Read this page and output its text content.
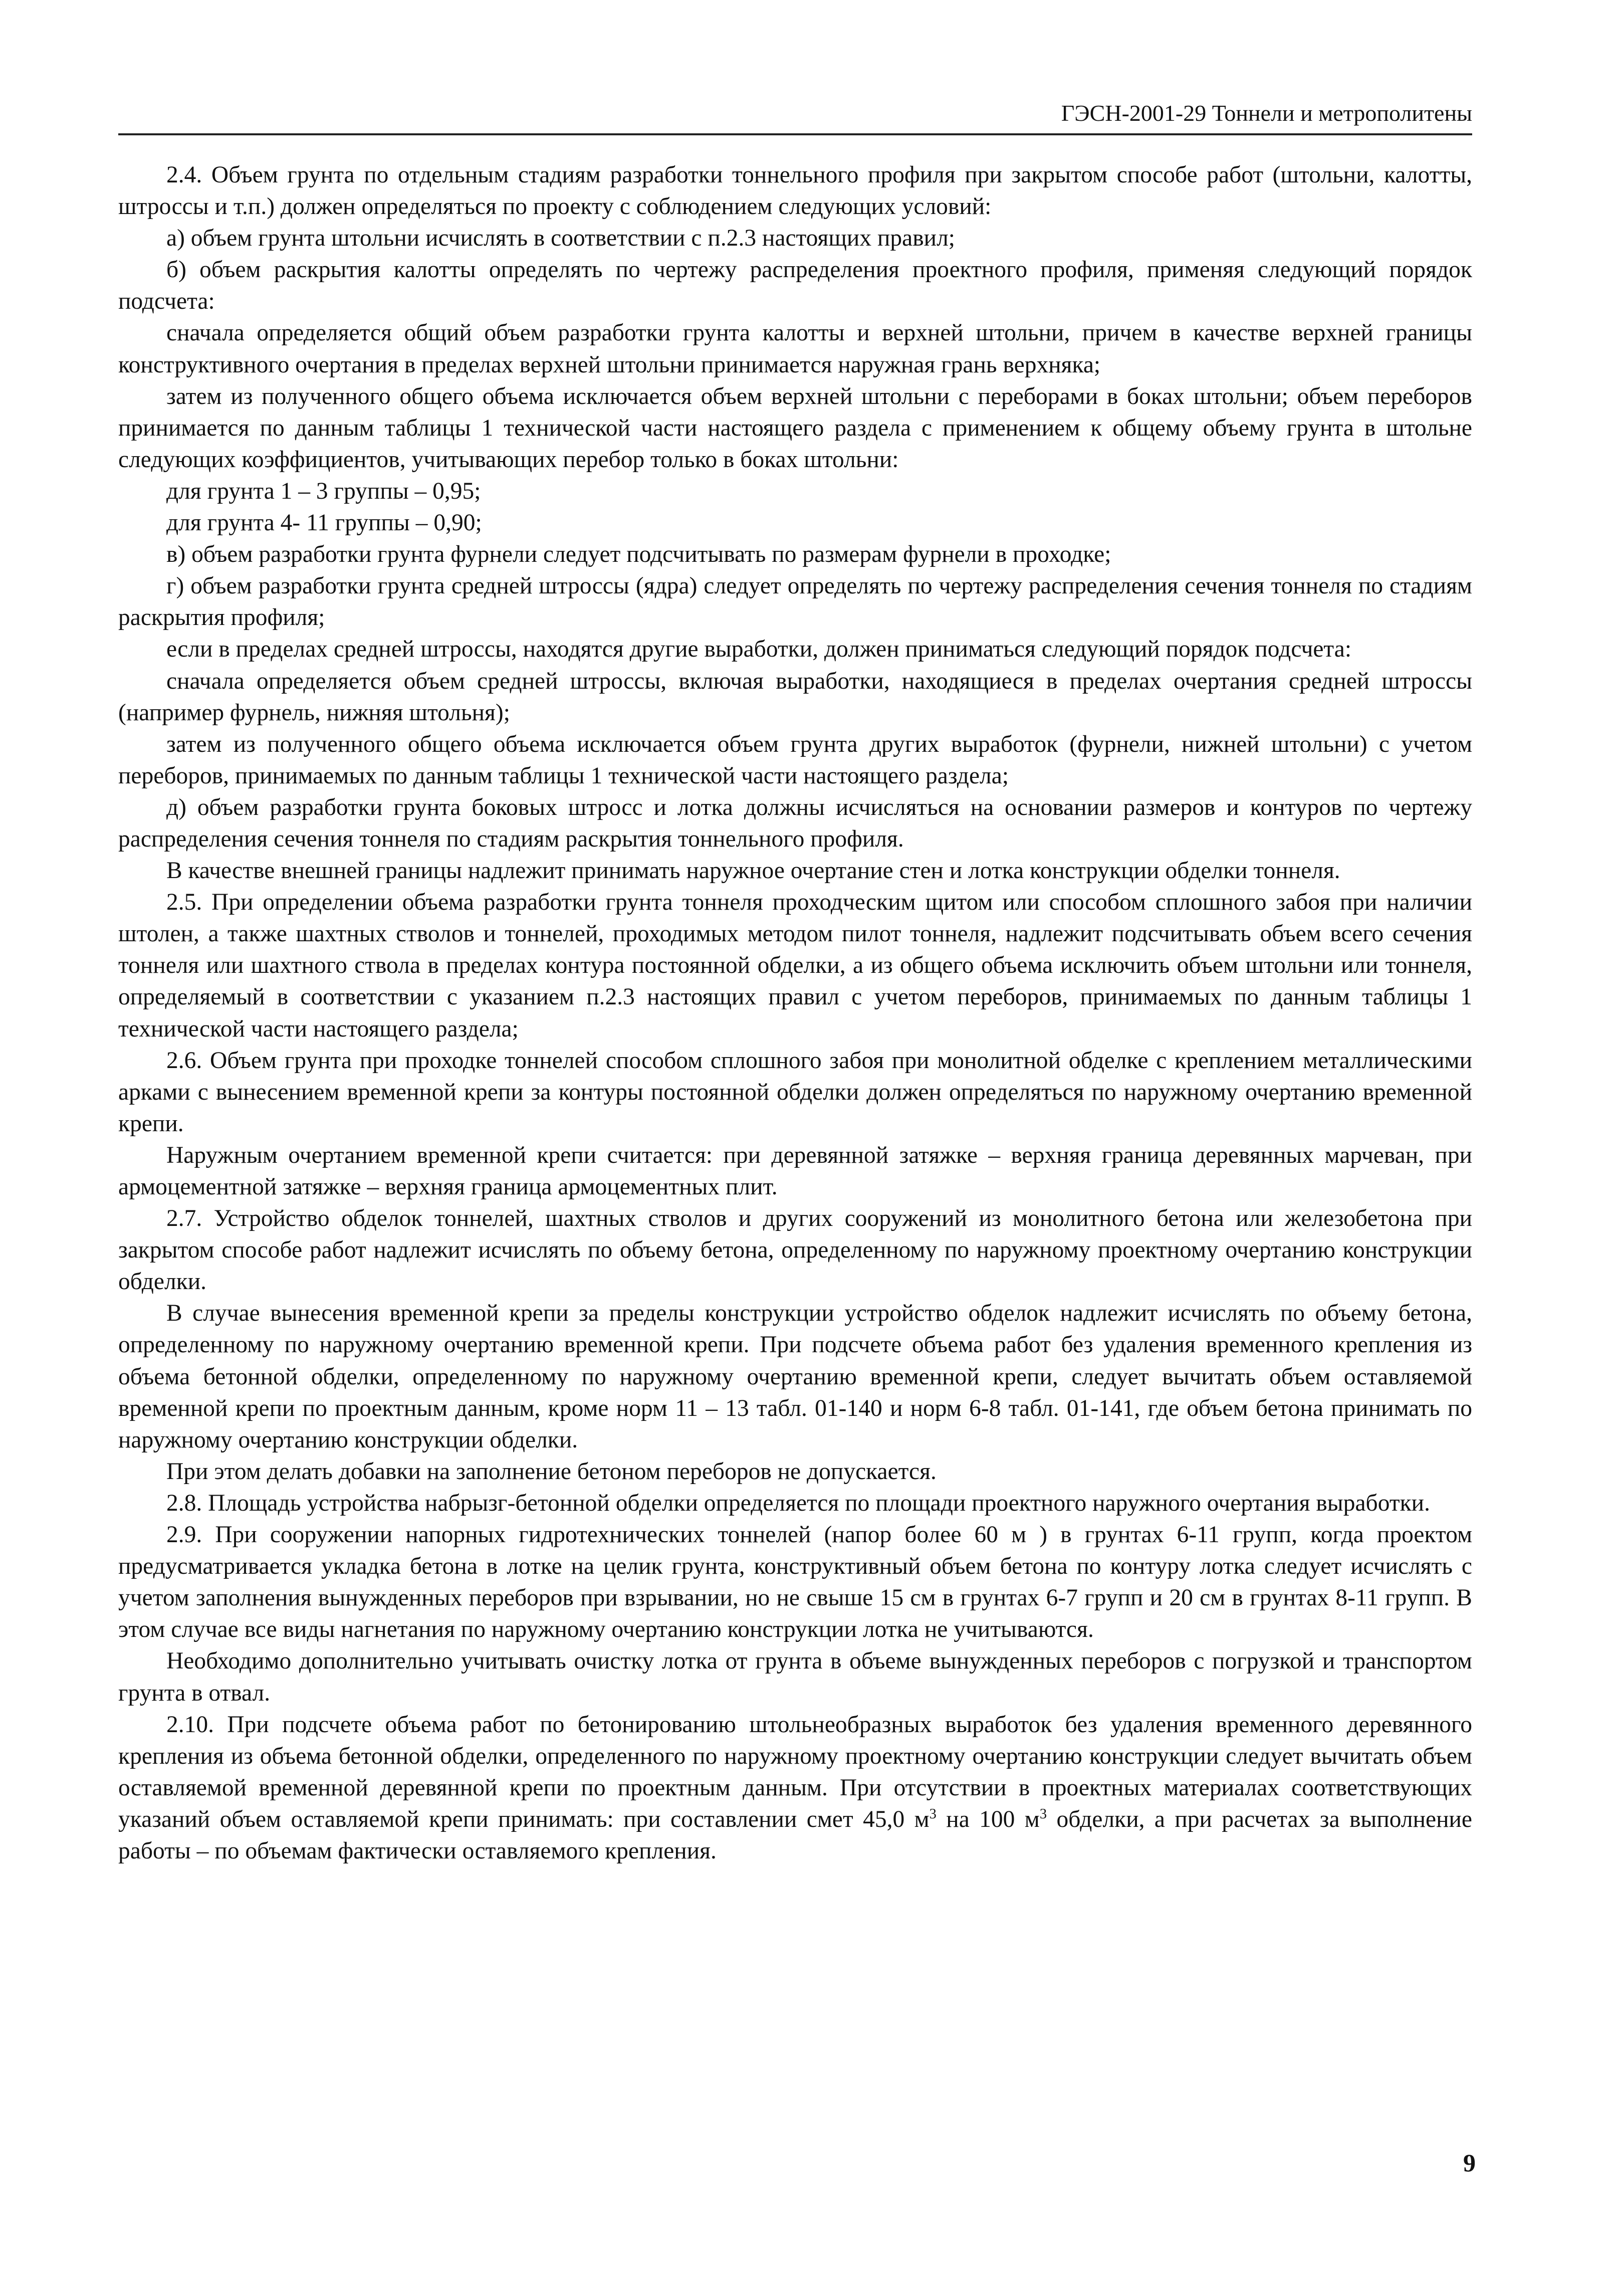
ГЭСН-2001-29 Тоннели и метрополитены

2.4. Объем грунта по отдельным стадиям разработки тоннельного профиля при закрытом способе работ (штольни, калотты, штроссы и т.п.) должен определяться по проекту с соблюдением следующих условий:

а) объем грунта штольни исчислять в соответствии с п.2.3 настоящих правил;

б) объем раскрытия калотты определять по чертежу распределения проектного профиля, применяя следующий порядок подсчета:

сначала определяется общий объем разработки грунта калотты и верхней штольни, причем в качестве верхней границы конструктивного очертания в пределах верхней штольни принимается наружная грань верхняка;

затем из полученного общего объема исключается объем верхней штольни с переборами в боках штольни; объем переборов принимается по данным таблицы 1 технической части настоящего раздела с применением к общему объему грунта в штольне следующих коэффициентов, учитывающих перебор только в боках штольни:

для грунта 1 – 3 группы – 0,95;

для грунта 4- 11 группы – 0,90;

в) объем разработки грунта фурнели следует подсчитывать по размерам фурнели в проходке;

г) объем разработки грунта средней штроссы (ядра) следует определять по чертежу распределения сечения тоннеля по стадиям раскрытия профиля;

если в пределах средней штроссы, находятся другие выработки, должен приниматься следующий порядок подсчета:

сначала определяется объем средней штроссы, включая выработки, находящиеся в пределах очертания средней штроссы (например фурнель, нижняя штольня);

затем из полученного общего объема исключается объем грунта других выработок (фурнели, нижней штольни) с учетом переборов, принимаемых по данным таблицы 1 технической части настоящего раздела;

д) объем разработки грунта боковых штросс и лотка должны исчисляться на основании размеров и контуров по чертежу распределения сечения тоннеля по стадиям раскрытия тоннельного профиля.

В качестве внешней границы надлежит принимать наружное очертание стен и лотка конструкции обделки тоннеля.

2.5. При определении объема разработки грунта тоннеля проходческим щитом или способом сплошного забоя при наличии штолен, а также шахтных стволов и тоннелей, проходимых методом пилот тоннеля, надлежит подсчитывать объем всего сечения тоннеля или шахтного ствола в пределах контура постоянной обделки, а из общего объема исключить объем штольни или тоннеля, определяемый в соответствии с указанием п.2.3 настоящих правил с учетом переборов, принимаемых по данным таблицы 1 технической части настоящего раздела;

2.6. Объем грунта при проходке тоннелей способом сплошного забоя при монолитной обделке с креплением металлическими арками с вынесением временной крепи за контуры постоянной обделки должен определяться по наружному очертанию временной крепи.

Наружным очертанием временной крепи считается: при деревянной затяжке – верхняя граница деревянных марчеван, при армоцементной затяжке – верхняя граница армоцементных плит.

2.7. Устройство обделок тоннелей, шахтных стволов и других сооружений из монолитного бетона или железобетона при закрытом способе работ надлежит исчислять по объему бетона, определенному по наружному проектному очертанию конструкции обделки.

В случае вынесения временной крепи за пределы конструкции устройство обделок надлежит исчислять по объему бетона, определенному по наружному очертанию временной крепи. При подсчете объема работ без удаления временного крепления из объема бетонной обделки, определенному по наружному очертанию временной крепи, следует вычитать объем оставляемой временной крепи по проектным данным, кроме норм 11 – 13 табл. 01-140 и норм 6-8 табл. 01-141, где объем бетона принимать по наружному очертанию конструкции обделки.

При этом делать добавки на заполнение бетоном переборов не допускается.

2.8. Площадь устройства набрызг-бетонной обделки определяется по площади проектного наружного очертания выработки.

2.9. При сооружении напорных гидротехнических тоннелей (напор более 60 м ) в грунтах 6-11 групп, когда проектом предусматривается укладка бетона в лотке на целик грунта, конструктивный объем бетона по контуру лотка следует исчислять с учетом заполнения вынужденных переборов при взрывании, но не свыше 15 см в грунтах 6-7 групп и 20 см в грунтах 8-11 групп. В этом случае все виды нагнетания по наружному очертанию конструкции лотка не учитываются.

Необходимо дополнительно учитывать очистку лотка от грунта в объеме вынужденных переборов с погрузкой и транспортом грунта в отвал.

2.10. При подсчете объема работ по бетонированию штольнеобразных выработок без удаления временного деревянного крепления из объема бетонной обделки, определенного по наружному проектному очертанию конструкции следует вычитать объем оставляемой временной деревянной крепи по проектным данным. При отсутствии в проектных материалах соответствующих указаний объем оставляемой крепи принимать: при составлении смет 45,0 $м^3$ на 100 $м^3$ обделки, а при расчетах за выполнение работы – по объемам фактически оставляемого крепления.

9
